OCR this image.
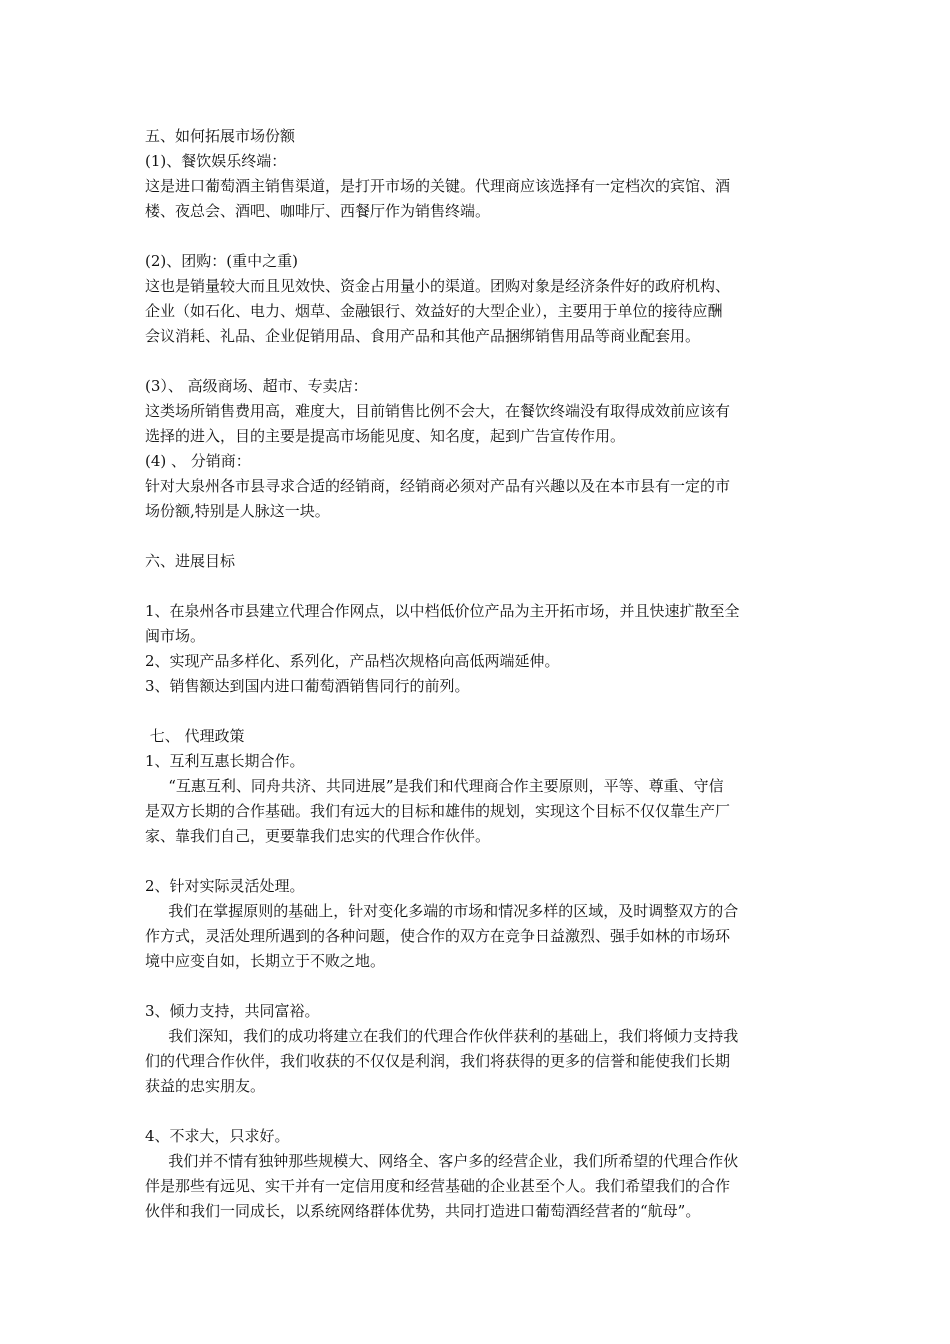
五、如何拓展市场份额

(1)、餐饮娱乐终端：

这是进口葡萄酒主销售渠道，是打开市场的关键。代理商应该选择有一定档次的宾馆、酒

楼、夜总会、酒吧、咖啡厅、西餐厅作为销售终端。

(2)、团购：(重中之重)

这也是销量较大而且见效快、资金占用量小的渠道。团购对象是经济条件好的政府机构、

企业（如石化、电力、烟草、金融银行、效益好的大型企业），主要用于单位的接待应酬

会议消耗、礼品、企业促销用品、食用产品和其他产品捆绑销售用品等商业配套用。

(3）、 高级商场、超市、专卖店：

这类场所销售费用高，难度大，目前销售比例不会大，在餐饮终端没有取得成效前应该有

选择的进入，目的主要是提高市场能见度、知名度，起到广告宣传作用。

(4) 、 分销商：

针对大泉州各市县寻求合适的经销商，经销商必须对产品有兴趣以及在本市县有一定的市

场份额,特别是人脉这一块。

六、进展目标

1、在泉州各市县建立代理合作网点，以中档低价位产品为主开拓市场，并且快速扩散至全

闽市场。

2、实现产品多样化、系列化，产品档次规格向高低两端延伸。

3、销售额达到国内进口葡萄酒销售同行的前列。

七、 代理政策

1、互利互惠长期合作。

“互惠互利、同舟共济、共同进展”是我们和代理商合作主要原则，平等、尊重、守信

是双方长期的合作基础。我们有远大的目标和雄伟的规划，实现这个目标不仅仅靠生产厂

家、靠我们自己，更要靠我们忠实的代理合作伙伴。

2、针对实际灵活处理。

我们在掌握原则的基础上，针对变化多端的市场和情况多样的区域，及时调整双方的合

作方式，灵活处理所遇到的各种问题，使合作的双方在竞争日益激烈、强手如林的市场环

境中应变自如，长期立于不败之地。

3、倾力支持，共同富裕。

我们深知，我们的成功将建立在我们的代理合作伙伴获利的基础上，我们将倾力支持我

们的代理合作伙伴，我们收获的不仅仅是利润，我们将获得的更多的信誉和能使我们长期

获益的忠实朋友。

4、不求大，只求好。

我们并不情有独钟那些规模大、网络全、客户多的经营企业，我们所希望的代理合作伙

伴是那些有远见、实干并有一定信用度和经营基础的企业甚至个人。我们希望我们的合作

伙伴和我们一同成长，以系统网络群体优势，共同打造进口葡萄酒经营者的“航母”。
